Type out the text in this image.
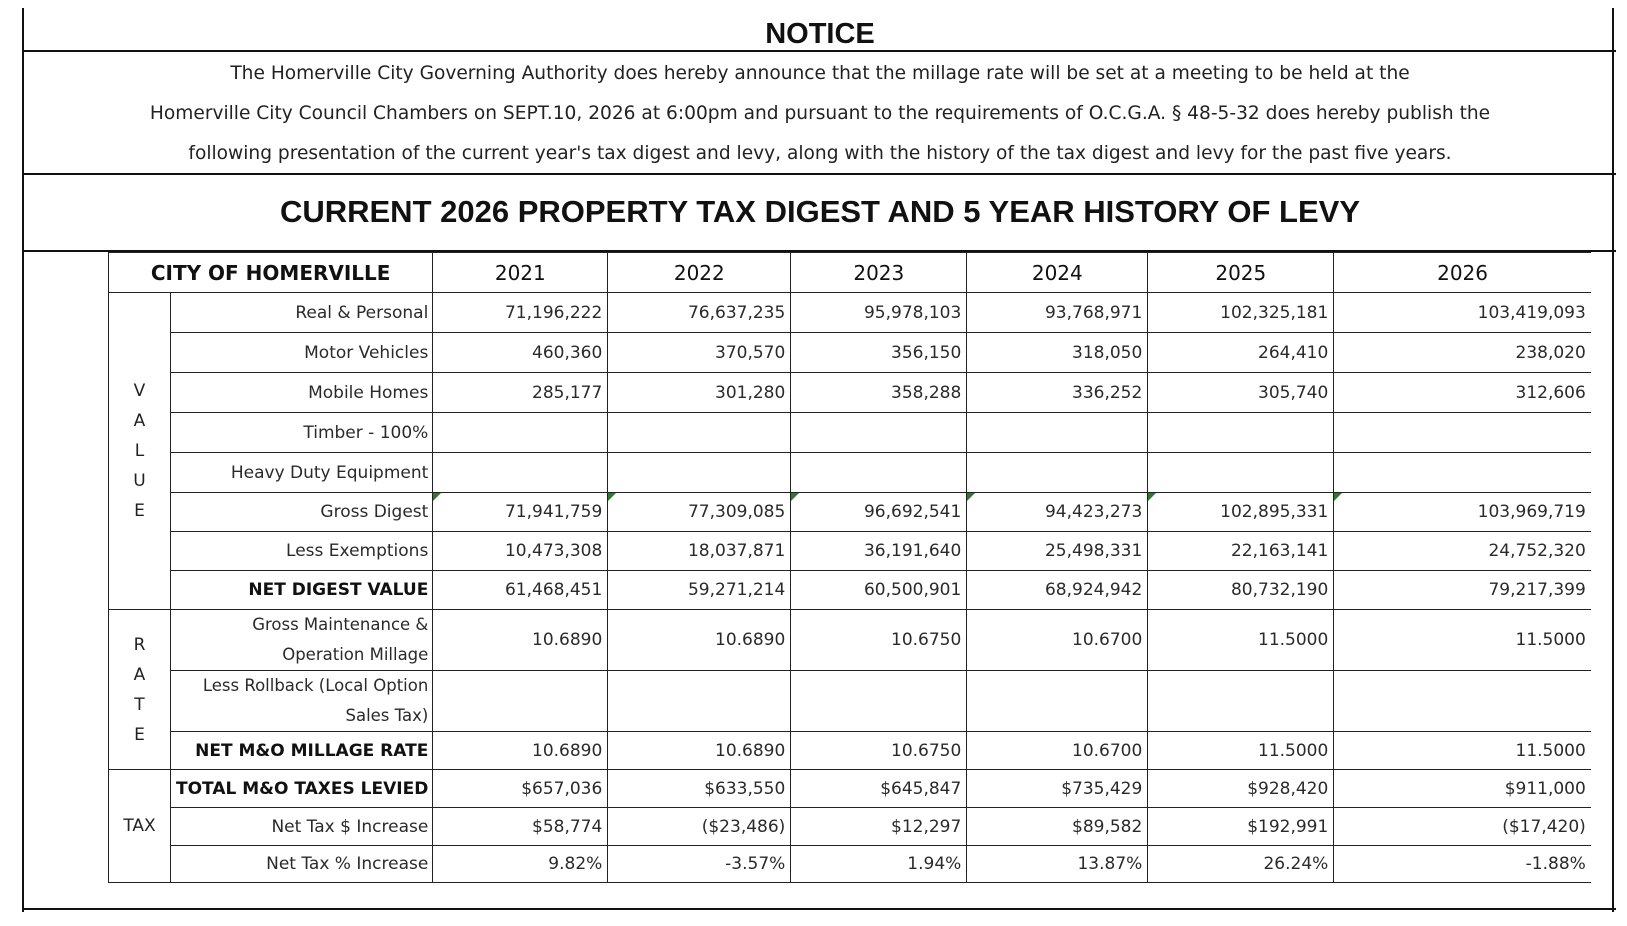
NOTICE
The Homerville City Governing Authority does hereby announce that the millage rate will be set at a meeting to be held at the
Homerville City Council Chambers on SEPT.10, 2026 at 6:00pm and pursuant to the requirements of O.C.G.A. § 48-5-32 does hereby publish the
following presentation of the current year's tax digest and levy, along with the history of the tax digest and levy for the past five years.
CURRENT 2026 PROPERTY TAX DIGEST AND 5 YEAR HISTORY OF LEVY
CITY OF HOMERVILLE		2021	2022	2023	2024	2025	2026

V
A
L
U
E	Real & Personal	71,196,222	76,637,235	95,978,103	93,768,971	102,325,181	103,419,093
	Motor Vehicles	460,360	370,570	356,150	318,050	264,410	238,020
	Mobile Homes	285,177	301,280	358,288	336,252	305,740	312,606
	Timber - 100%						
	Heavy Duty Equipment						
	Gross Digest	71,941,759	77,309,085	96,692,541	94,423,273	102,895,331	103,969,719
	Less Exemptions	10,473,308	18,037,871	36,191,640	25,498,331	22,163,141	24,752,320
	NET DIGEST VALUE	61,468,451	59,271,214	60,500,901	68,924,942	80,732,190	79,217,399

R
A
T
E	Gross Maintenance & Operation Millage	10.6890	10.6890	10.6750	10.6700	11.5000	11.5000
	Less Rollback (Local Option Sales Tax)						
	NET M&O MILLAGE RATE	10.6890	10.6890	10.6750	10.6700	11.5000	11.5000
TAX	TOTAL M&O TAXES LEVIED	$657,036	$633,550	$645,847	$735,429	$928,420	$911,000
	Net Tax $ Increase	$58,774	($23,486)	$12,297	$89,582	$192,991	($17,420)
	Net Tax % Increase	9.82%	-3.57%	1.94%	13.87%	26.24%	-1.88%
